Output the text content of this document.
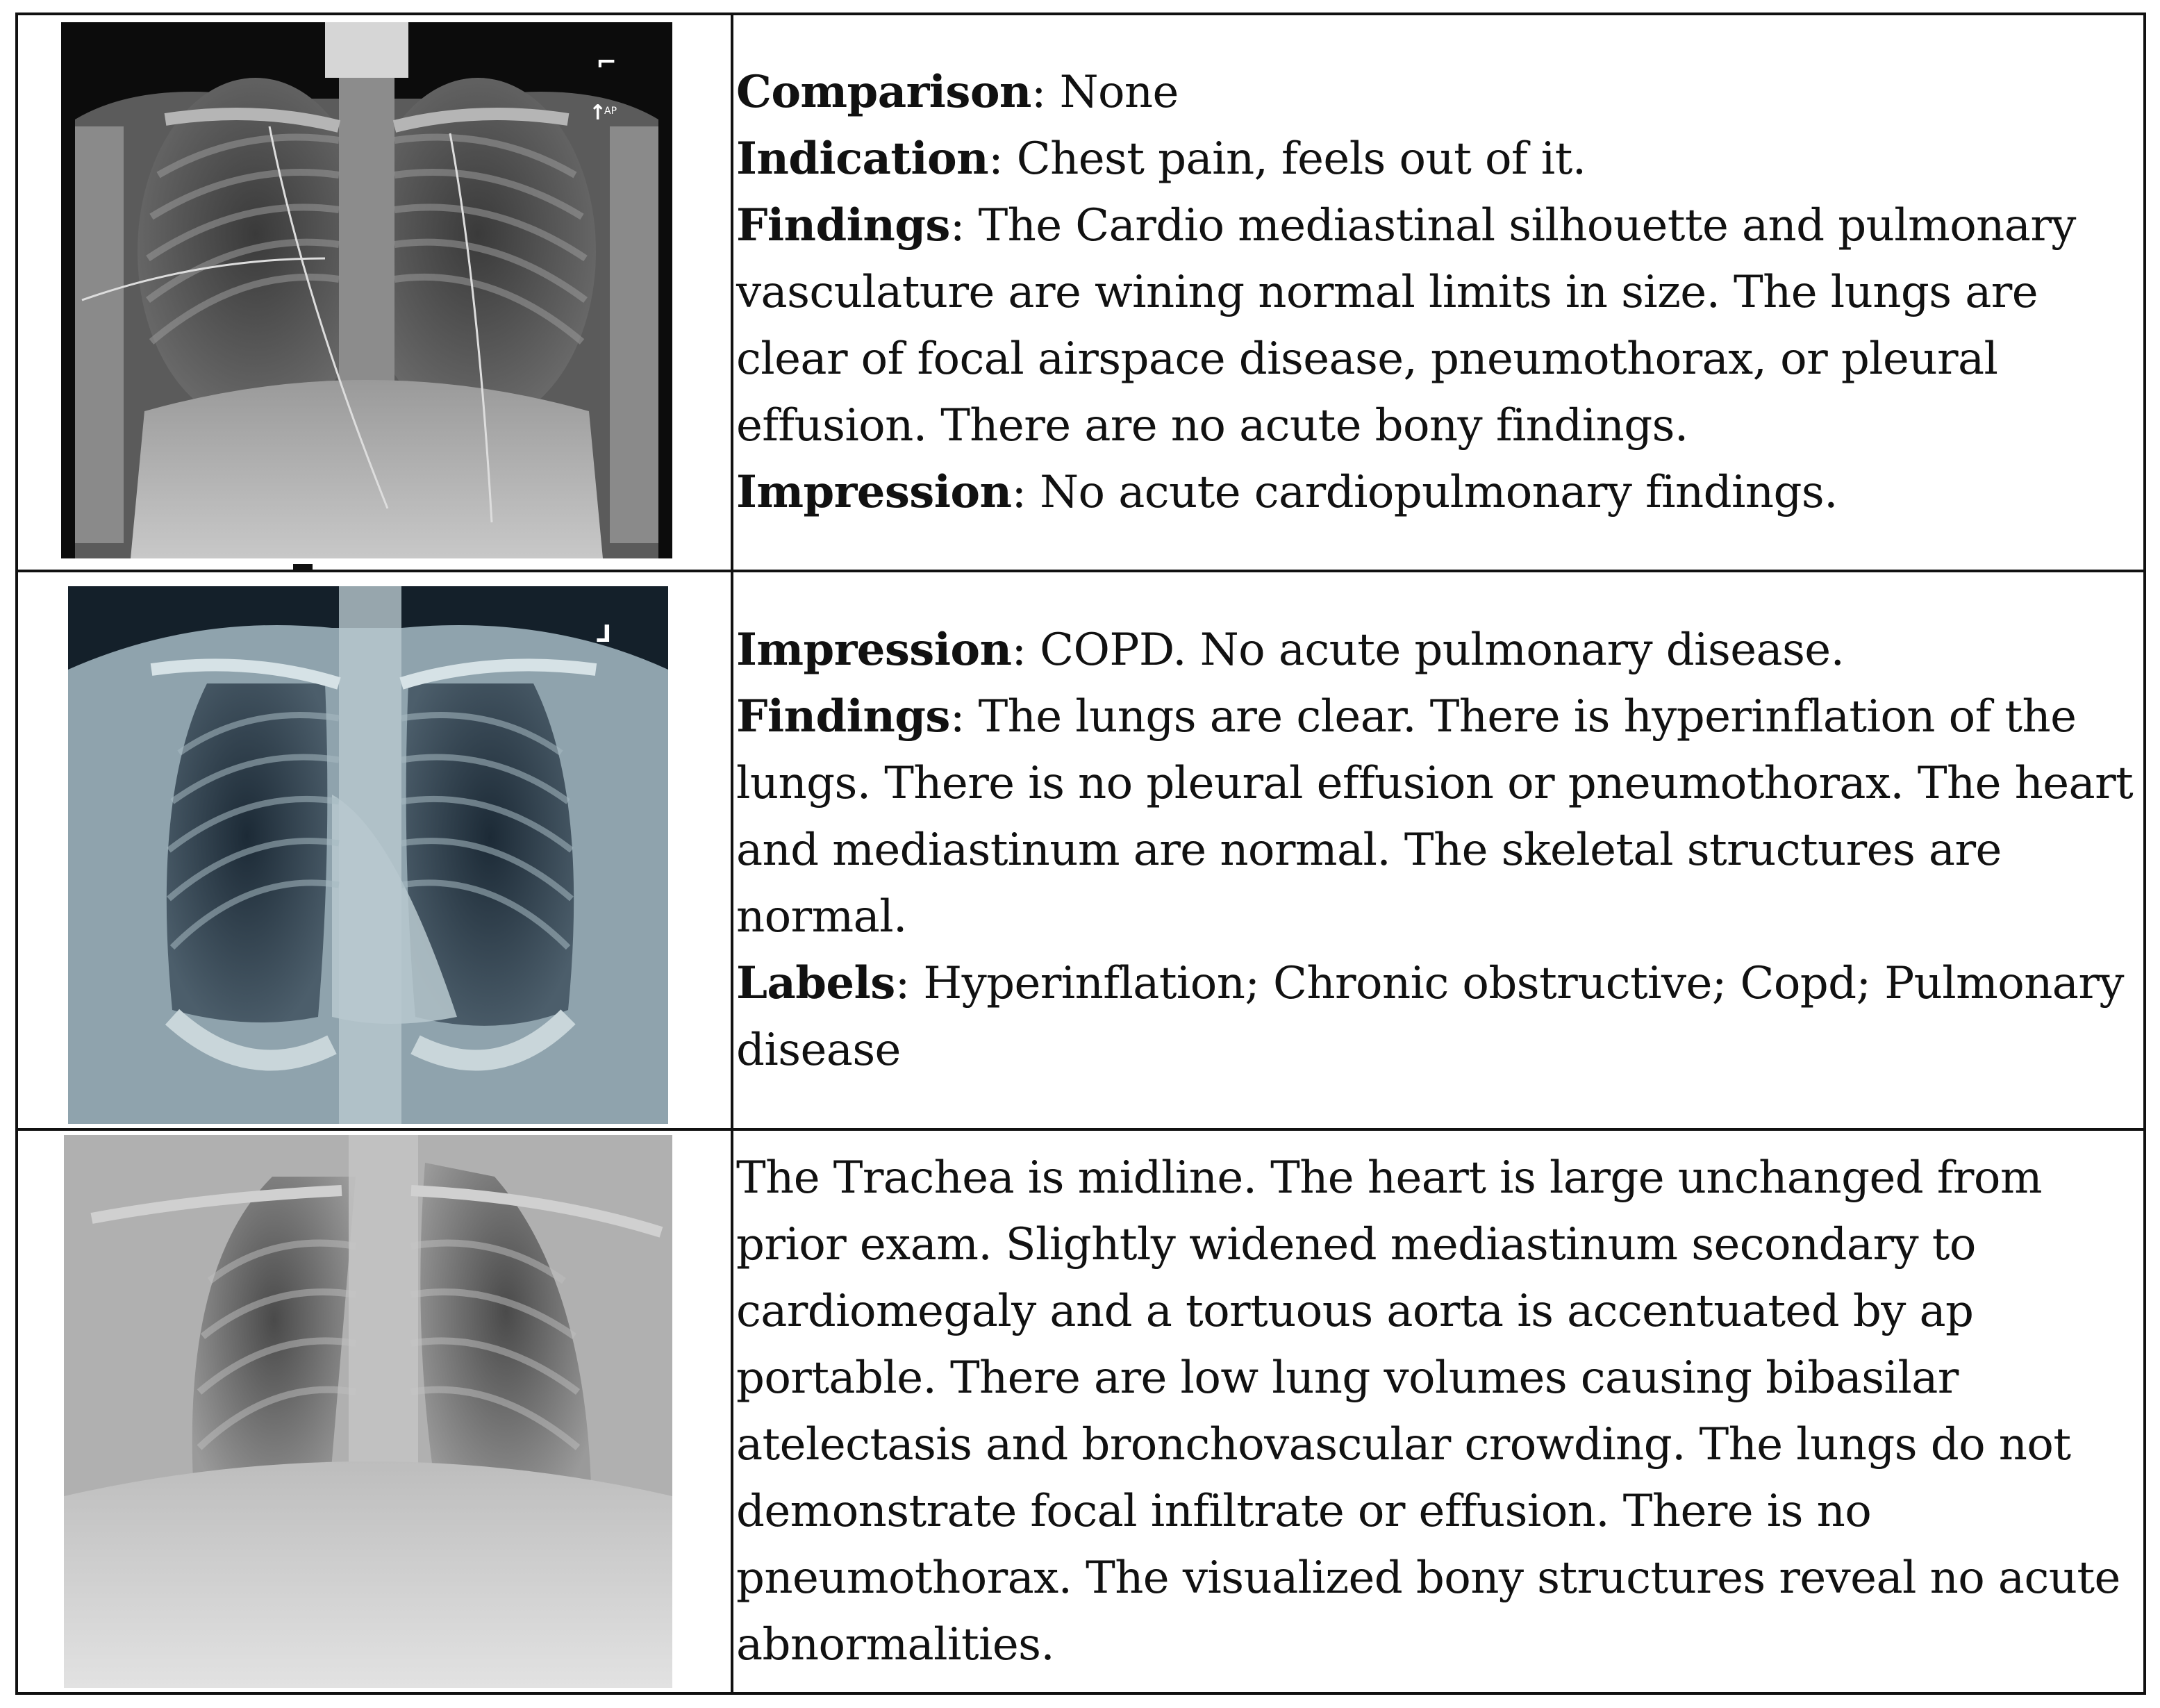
⌐
↑
AP	Comparison: None

Indication: Chest pain, feels out of it.

Findings: The Cardio mediastinal silhouette and pulmonary vasculature are wining normal limits in size. The lungs are clear of focal airspace disease, pneumothorax, or pleural effusion. There are no acute bony findings.

Impression: No acute cardiopulmonary findings.

⅃	Impression: COPD. No acute pulmonary disease.

Findings: The lungs are clear. There is hyperinflation of the lungs. There is no pleural effusion or pneumothorax. The heart and mediastinum are normal. The skeletal structures are normal.

Labels: Hyperinflation; Chronic obstructive; Copd; Pulmonary disease

The Trachea is midline. The heart is large unchanged from prior exam. Slightly widened mediastinum secondary to cardiomegaly and a tortuous aorta is accentuated by ap portable. There are low lung volumes causing bibasilar atelectasis and bronchovascular crowding. The lungs do not demonstrate focal infiltrate or effusion. There is no pneumothorax. The visualized bony structures reveal no acute abnormalities.
